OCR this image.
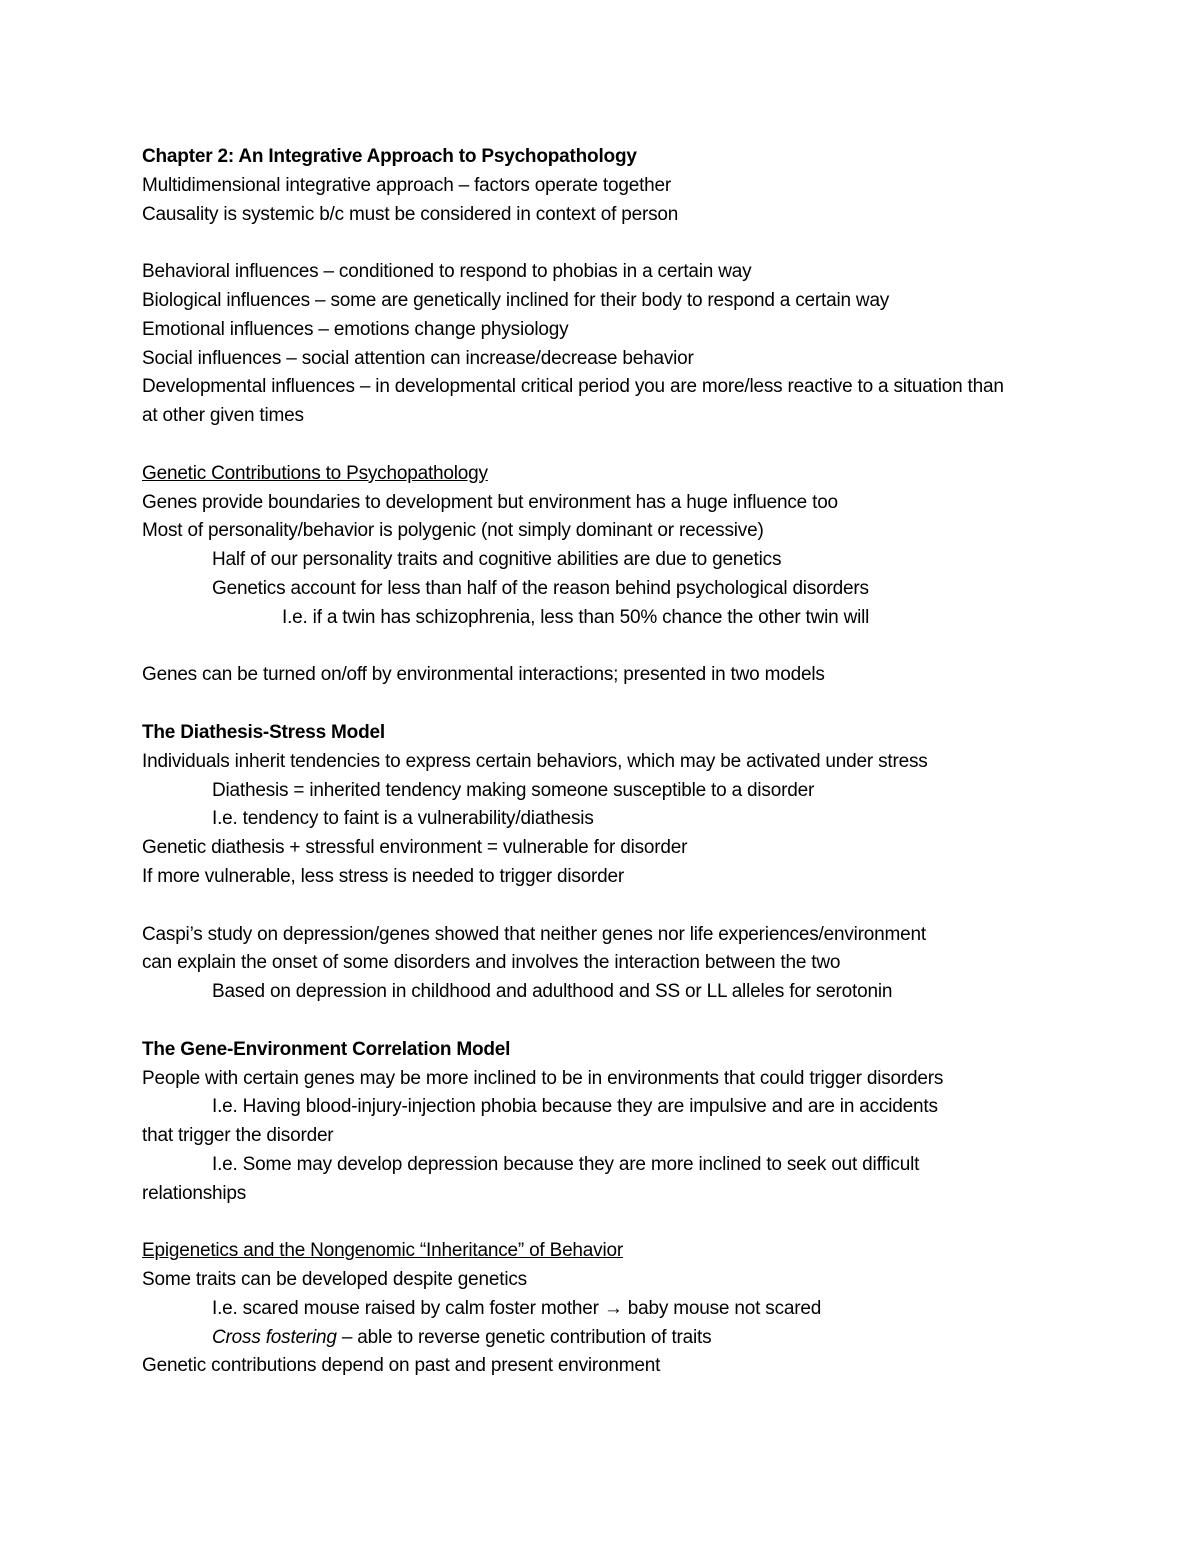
Chapter 2: An Integrative Approach to Psychopathology
Multidimensional integrative approach – factors operate together
Causality is systemic b/c must be considered in context of person
Behavioral influences – conditioned to respond to phobias in a certain way
Biological influences – some are genetically inclined for their body to respond a certain way
Emotional influences – emotions change physiology
Social influences – social attention can increase/decrease behavior
Developmental influences – in developmental critical period you are more/less reactive to a situation than at other given times
Genetic Contributions to Psychopathology
Genes provide boundaries to development but environment has a huge influence too
Most of personality/behavior is polygenic (not simply dominant or recessive)
Half of our personality traits and cognitive abilities are due to genetics
Genetics account for less than half of the reason behind psychological disorders
I.e. if a twin has schizophrenia, less than 50% chance the other twin will
Genes can be turned on/off by environmental interactions; presented in two models
The Diathesis-Stress Model
Individuals inherit tendencies to express certain behaviors, which may be activated under stress
Diathesis = inherited tendency making someone susceptible to a disorder
I.e. tendency to faint is a vulnerability/diathesis
Genetic diathesis + stressful environment = vulnerable for disorder
If more vulnerable, less stress is needed to trigger disorder
Caspi’s study on depression/genes showed that neither genes nor life experiences/environment
can explain the onset of some disorders and involves the interaction between the two
Based on depression in childhood and adulthood and SS or LL alleles for serotonin
The Gene-Environment Correlation Model
People with certain genes may be more inclined to be in environments that could trigger disorders
I.e. Having blood-injury-injection phobia because they are impulsive and are in accidents
that trigger the disorder
I.e. Some may develop depression because they are more inclined to seek out difficult
relationships
Epigenetics and the Nongenomic “Inheritance” of Behavior
Some traits can be developed despite genetics
I.e. scared mouse raised by calm foster mother → baby mouse not scared
Cross fostering – able to reverse genetic contribution of traits
Genetic contributions depend on past and present environment
